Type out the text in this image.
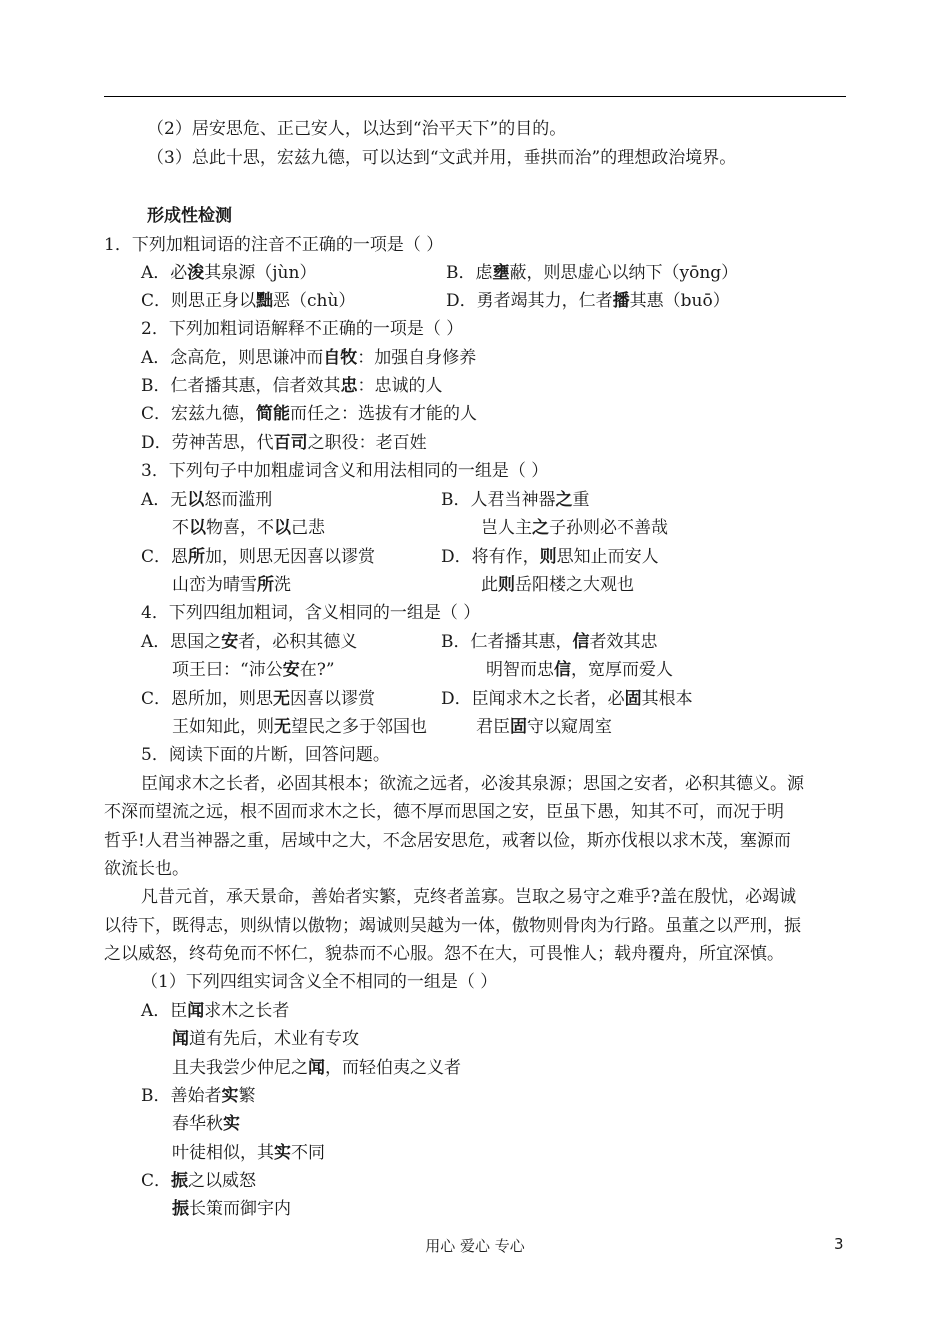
（2）居安思危、正己安人，以达到“治平天下”的目的。
（3）总此十思，宏兹九德，可以达到“文武并用，垂拱而治”的理想政治境界。
形成性检测
1．下列加粗词语的注音不正确的一项是（ ）
A．必浚其泉源（jùn）	B．虑壅蔽，则思虚心以纳下（yōng）
C．则思正身以黜恶（chù）	D．勇者竭其力，仁者播其惠（buō）
2．下列加粗词语解释不正确的一项是（ ）
A．念高危，则思谦冲而自牧：加强自身修养
B．仁者播其惠，信者效其忠：忠诚的人
C．宏兹九德，简能而任之：选拔有才能的人
D．劳神苦思，代百司之职役：老百姓
3．下列句子中加粗虚词含义和用法相同的一组是（ ）
A．无以怒而滥刑	B．人君当神器之重
不以物喜，不以己悲	岂人主之子孙则必不善哉
C．恩所加，则思无因喜以谬赏	D．将有作，则思知止而安人
山峦为晴雪所洗	此则岳阳楼之大观也
4．下列四组加粗词，含义相同的一组是（ ）
A．思国之安者，必积其德义	B．仁者播其惠，信者效其忠
项王曰：“沛公安在?”	明智而忠信，宽厚而爱人
C．恩所加，则思无因喜以谬赏	D．臣闻求木之长者，必固其根本
王如知此，则无望民之多于邻国也	君臣固守以窥周室
5．阅读下面的片断，回答问题。
臣闻求木之长者，必固其根本；欲流之远者，必浚其泉源；思国之安者，必积其德义。源
不深而望流之远，根不固而求木之长，德不厚而思国之安，臣虽下愚，知其不可，而况于明
哲乎!人君当神器之重，居域中之大，不念居安思危，戒奢以俭，斯亦伐根以求木茂，塞源而
欲流长也。
凡昔元首，承天景命，善始者实繁，克终者盖寡。岂取之易守之难乎?盖在殷忧，必竭诚
以待下，既得志，则纵情以傲物；竭诚则吴越为一体，傲物则骨肉为行路。虽董之以严刑，振
之以威怒，终苟免而不怀仁，貌恭而不心服。怨不在大，可畏惟人；载舟覆舟，所宜深慎。
（1）下列四组实词含义全不相同的一组是（ ）
A．臣闻求木之长者
闻道有先后，术业有专攻
且夫我尝少仲尼之闻，而轻伯夷之义者
B．善始者实繁
春华秋实
叶徒相似，其实不同
C．振之以威怒
振长策而御宇内
用心 爱心 专心	3
